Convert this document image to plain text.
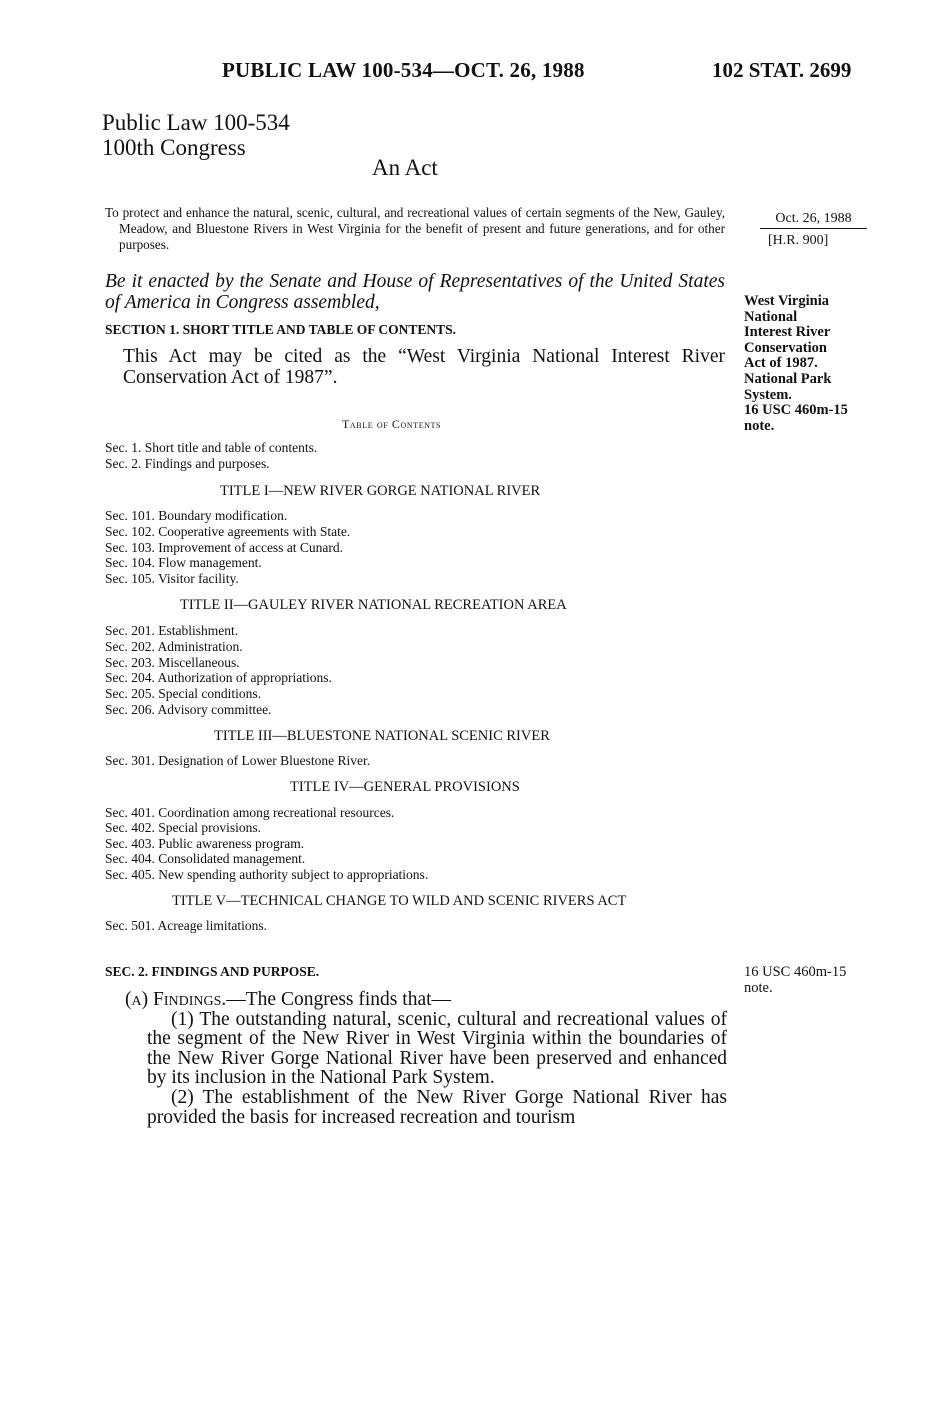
PUBLIC LAW 100-534—OCT. 26, 1988	102 STAT. 2699
Public Law 100-534
100th Congress
An Act

To protect and enhance the natural, scenic, cultural, and recreational values of certain segments of the New, Gauley, Meadow, and Bluestone Rivers in West Virginia for the benefit of present and future generations, and for other purposes.

Oct. 26, 1988
[H.R. 900]
Be it enacted by the Senate and House of Representatives of the United States of America in Congress assembled,	West Virginia
National
Interest River
Conservation
Act of 1987.
National Park
System.
16 USC 460m-15
note.
SECTION 1. SHORT TITLE AND TABLE OF CONTENTS.
This Act may be cited as the “West Virginia National Interest River Conservation Act of 1987”.
Table of Contents
Sec. 1. Short title and table of contents.
Sec. 2. Findings and purposes.
TITLE I—NEW RIVER GORGE NATIONAL RIVER
Sec. 101. Boundary modification.
Sec. 102. Cooperative agreements with State.
Sec. 103. Improvement of access at Cunard.
Sec. 104. Flow management.
Sec. 105. Visitor facility.
TITLE II—GAULEY RIVER NATIONAL RECREATION AREA
Sec. 201. Establishment.
Sec. 202. Administration.
Sec. 203. Miscellaneous.
Sec. 204. Authorization of appropriations.
Sec. 205. Special conditions.
Sec. 206. Advisory committee.
TITLE III—BLUESTONE NATIONAL SCENIC RIVER
Sec. 301. Designation of Lower Bluestone River.
TITLE IV—GENERAL PROVISIONS
Sec. 401. Coordination among recreational resources.
Sec. 402. Special provisions.
Sec. 403. Public awareness program.
Sec. 404. Consolidated management.
Sec. 405. New spending authority subject to appropriations.
TITLE V—TECHNICAL CHANGE TO WILD AND SCENIC RIVERS ACT
Sec. 501. Acreage limitations.
SEC. 2. FINDINGS AND PURPOSE.	16 USC 460m-15
note.

(a) Findings.—The Congress finds that—

(1) The outstanding natural, scenic, cultural and recreational values of the segment of the New River in West Virginia within the boundaries of the New River Gorge National River have been preserved and enhanced by its inclusion in the National Park System.

(2) The establishment of the New River Gorge National River has provided the basis for increased recreation and tourism
